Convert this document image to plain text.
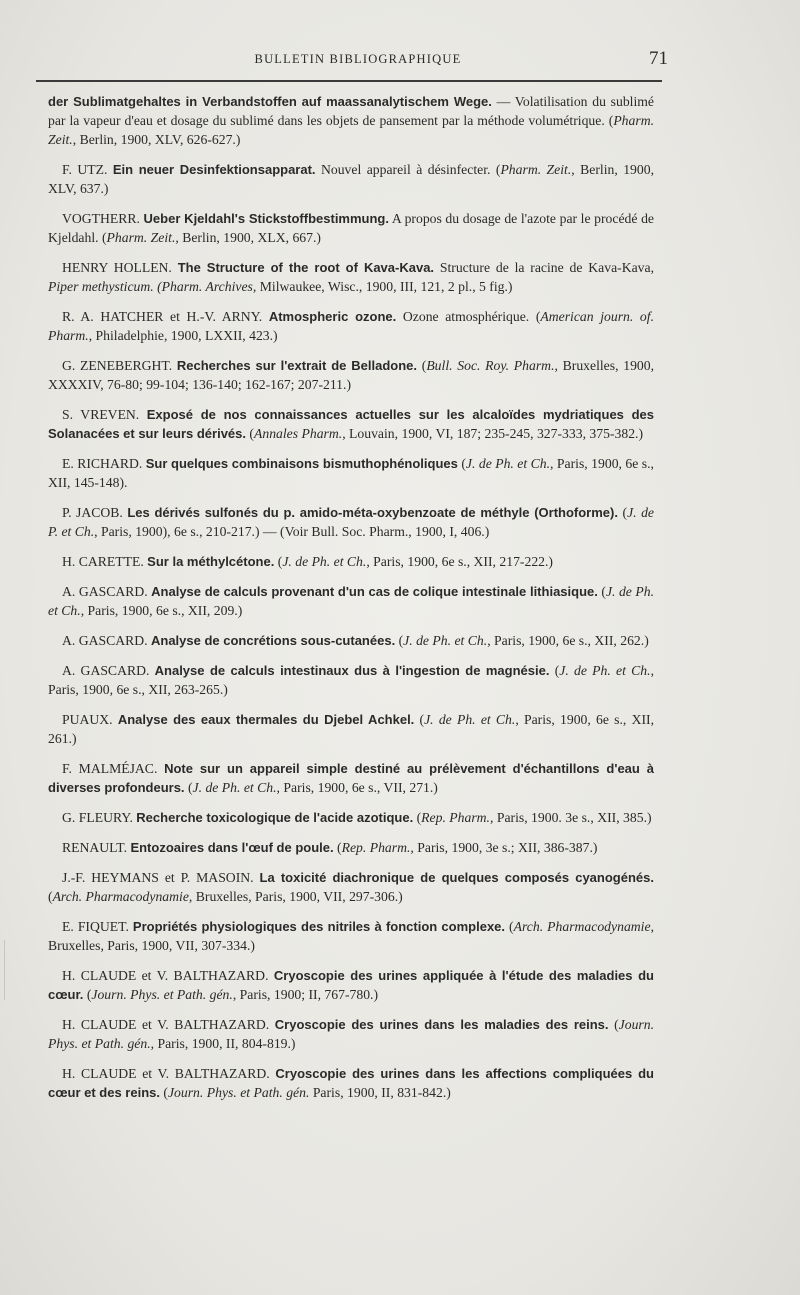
BULLETIN BIBLIOGRAPHIQUE	71

der Sublimatgehaltes in Verbandstoffen auf maassanalytischem Wege. — Volatilisation du sublimé par la vapeur d'eau et dosage du sublimé dans les objets de pansement par la méthode volumétrique. (Pharm. Zeit., Berlin, 1900, XLV, 626-627.)

F. UTZ. Ein neuer Desinfektionsapparat. Nouvel appareil à désinfecter. (Pharm. Zeit., Berlin, 1900, XLV, 637.)

VOGTHERR. Ueber Kjeldahl's Stickstoffbestimmung. A propos du dosage de l'azote par le procédé de Kjeldahl. (Pharm. Zeit., Berlin, 1900, XLX, 667.)

HENRY HOLLEN. The Structure of the root of Kava-Kava. Structure de la racine de Kava-Kava, Piper methysticum. (Pharm. Archives, Milwaukee, Wisc., 1900, III, 121, 2 pl., 5 fig.)

R. A. HATCHER et H.-V. ARNY. Atmospheric ozone. Ozone atmosphérique. (American journ. of. Pharm., Philadelphie, 1900, LXXII, 423.)

G. ZENEBERGHT. Recherches sur l'extrait de Belladone. (Bull. Soc. Roy. Pharm., Bruxelles, 1900, XXXXIV, 76-80; 99-104; 136-140; 162-167; 207-211.)

S. VREVEN. Exposé de nos connaissances actuelles sur les alcaloïdes mydriatiques des Solanacées et sur leurs dérivés. (Annales Pharm., Louvain, 1900, VI, 187; 235-245, 327-333, 375-382.)

E. RICHARD. Sur quelques combinaisons bismuthophénoliques (J. de Ph. et Ch., Paris, 1900, 6e s., XII, 145-148).

P. JACOB. Les dérivés sulfonés du p. amido-méta-oxybenzoate de méthyle (Orthoforme). (J. de P. et Ch., Paris, 1900), 6e s., 210-217.) — (Voir Bull. Soc. Pharm., 1900, I, 406.)

H. CARETTE. Sur la méthylcétone. (J. de Ph. et Ch., Paris, 1900, 6e s., XII, 217-222.)

A. GASCARD. Analyse de calculs provenant d'un cas de colique intestinale lithiasique. (J. de Ph. et Ch., Paris, 1900, 6e s., XII, 209.)

A. GASCARD. Analyse de concrétions sous-cutanées. (J. de Ph. et Ch., Paris, 1900, 6e s., XII, 262.)

A. GASCARD. Analyse de calculs intestinaux dus à l'ingestion de magnésie. (J. de Ph. et Ch., Paris, 1900, 6e s., XII, 263-265.)

PUAUX. Analyse des eaux thermales du Djebel Achkel. (J. de Ph. et Ch., Paris, 1900, 6e s., XII, 261.)

F. MALMÉJAC. Note sur un appareil simple destiné au prélèvement d'échantillons d'eau à diverses profondeurs. (J. de Ph. et Ch., Paris, 1900, 6e s., VII, 271.)

G. FLEURY. Recherche toxicologique de l'acide azotique. (Rep. Pharm., Paris, 1900. 3e s., XII, 385.)

RENAULT. Entozoaires dans l'œuf de poule. (Rep. Pharm., Paris, 1900, 3e s.; XII, 386-387.)

J.-F. HEYMANS et P. MASOIN. La toxicité diachronique de quelques composés cyanogénés. (Arch. Pharmacodynamie, Bruxelles, Paris, 1900, VII, 297-306.)

E. FIQUET. Propriétés physiologiques des nitriles à fonction complexe. (Arch. Pharmacodynamie, Bruxelles, Paris, 1900, VII, 307-334.)

H. CLAUDE et V. BALTHAZARD. Cryoscopie des urines appliquée à l'étude des maladies du cœur. (Journ. Phys. et Path. gén., Paris, 1900; II, 767-780.)

H. CLAUDE et V. BALTHAZARD. Cryoscopie des urines dans les maladies des reins. (Journ. Phys. et Path. gén., Paris, 1900, II, 804-819.)

H. CLAUDE et V. BALTHAZARD. Cryoscopie des urines dans les affections compliquées du cœur et des reins. (Journ. Phys. et Path. gén. Paris, 1900, II, 831-842.)
